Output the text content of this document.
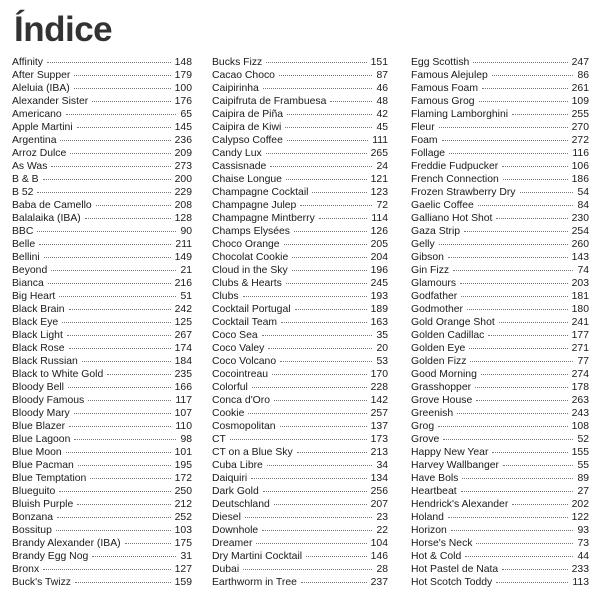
Índice
Affinity	148
After Supper	179
Aleluia (IBA)	100
Alexander Sister	176
Americano	65
Apple Martini	145
Argentina	236
Arroz Dulce	209
As Was	273
B & B	200
B 52	229
Baba de Camello	208
Balalaika (IBA)	128
BBC	90
Belle	211
Bellini	149
Beyond	21
Bianca	216
Big Heart	51
Black Brain	242
Black Eye	125
Black Light	267
Black Rose	174
Black Russian	184
Black to White Gold	235
Bloody Bell	166
Bloody Famous	117
Bloody Mary	107
Blue Blazer	110
Blue Lagoon	98
Blue Moon	101
Blue Pacman	195
Blue Temptation	172
Blueguito	250
Bluish Purple	212
Bonzana	252
Bossitup	103
Brandy Alexander (IBA)	175
Brandy Egg Nog	31
Bronx	127
Buck's Twizz	159
Bucks Fizz	151
Cacao Choco	87
Caipirinha	46
Caipifruta de Frambuesa	48
Caipira de Piña	42
Caipira de Kiwi	45
Calypso Coffee	111
Candy Lux	265
Cassisnade	24
Chaise Longue	121
Champagne Cocktail	123
Champagne Julep	72
Champagne Mintberry	114
Champs Elysées	126
Choco Orange	205
Chocolat Cookie	204
Cloud in the Sky	196
Clubs & Hearts	245
Clubs	193
Cocktail Portugal	189
Cocktail Team	163
Coco Sea	35
Coco Valey	20
Coco Volcano	53
Cocointreau	170
Colorful	228
Conca d'Oro	142
Cookie	257
Cosmopolitan	137
CT	173
CT on a Blue Sky	213
Cuba Libre	34
Daiquiri	134
Dark Gold	256
Deutschland	207
Diesel	23
Downhole	22
Dreamer	104
Dry Martini Cocktail	146
Dubai	28
Earthworm in Tree	237
Egg Scottish	247
Famous Alejulep	86
Famous Foam	261
Famous Grog	109
Flaming Lamborghini	255
Fleur	270
Foam	272
Follage	116
Freddie Fudpucker	106
French Connection	186
Frozen Strawberry Dry	54
Gaelic Coffee	84
Galliano Hot Shot	230
Gaza Strip	254
Gelly	260
Gibson	143
Gin Fizz	74
Glamours	203
Godfather	181
Godmother	180
Gold Orange Shot	241
Golden Cadillac	177
Golden Eye	271
Golden Fizz	77
Good Morning	274
Grasshopper	178
Grove House	263
Greenish	243
Grog	108
Grove	52
Happy New Year	155
Harvey Wallbanger	55
Have Bols	89
Heartbeat	27
Hendrick's Alexander	202
Holand	122
Horizon	93
Horse's Neck	73
Hot & Cold	44
Hot Pastel de Nata	233
Hot Scotch Toddy	113
